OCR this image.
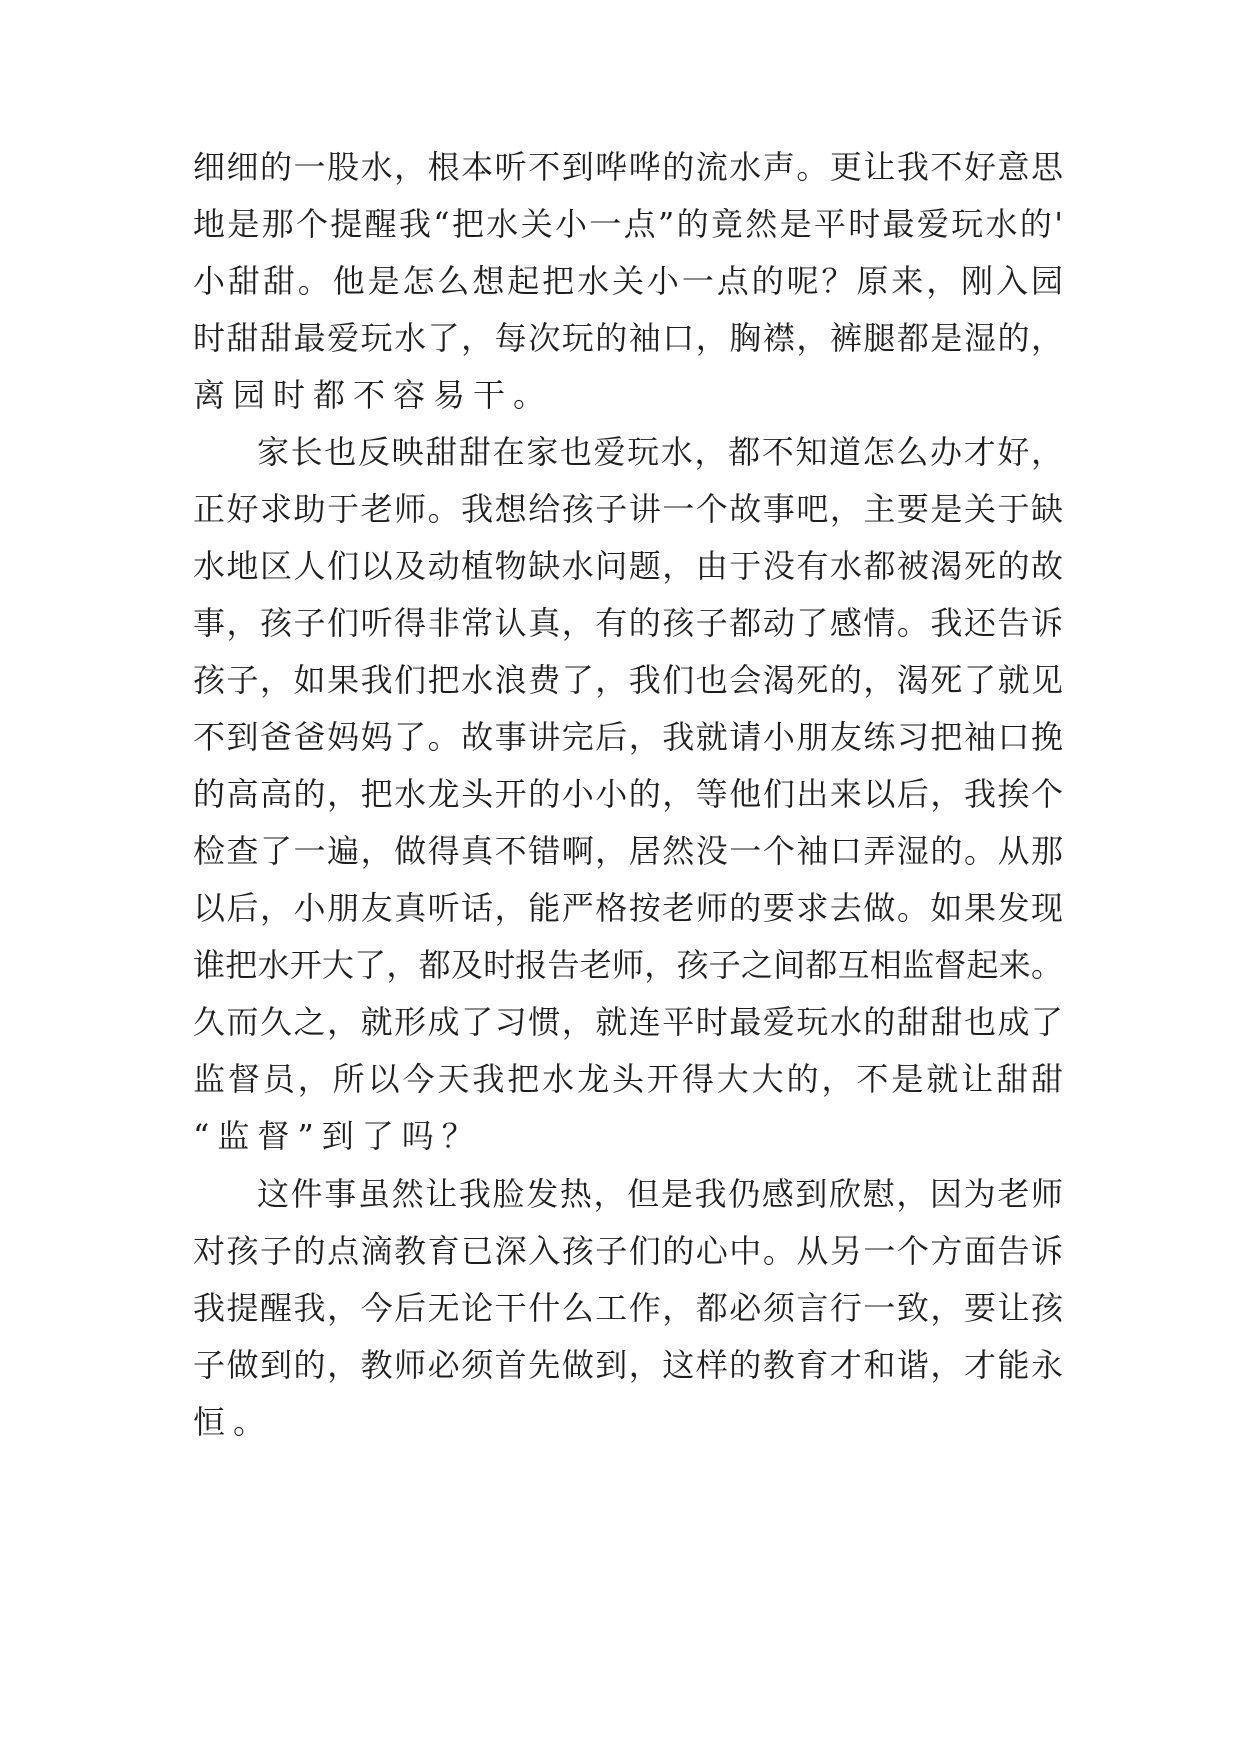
细细的一股水，根本听不到哗哗的流水声。更让我不好意思
地是那个提醒我“把水关小一点”的竟然是平时最爱玩水的'
小甜甜。他是怎么想起把水关小一点的呢？原来，刚入园
时甜甜最爱玩水了，每次玩的袖口，胸襟，裤腿都是湿的，
离园时都不容易干。
家长也反映甜甜在家也爱玩水，都不知道怎么办才好，
正好求助于老师。我想给孩子讲一个故事吧，主要是关于缺
水地区人们以及动植物缺水问题，由于没有水都被渴死的故
事，孩子们听得非常认真，有的孩子都动了感情。我还告诉
孩子，如果我们把水浪费了，我们也会渴死的，渴死了就见
不到爸爸妈妈了。故事讲完后，我就请小朋友练习把袖口挽
的高高的，把水龙头开的小小的，等他们出来以后，我挨个
检查了一遍，做得真不错啊，居然没一个袖口弄湿的。从那
以后，小朋友真听话，能严格按老师的要求去做。如果发现
谁把水开大了，都及时报告老师，孩子之间都互相监督起来。
久而久之，就形成了习惯，就连平时最爱玩水的甜甜也成了
监督员，所以今天我把水龙头开得大大的，不是就让甜甜
“监督”到了吗？
这件事虽然让我脸发热，但是我仍感到欣慰，因为老师
对孩子的点滴教育已深入孩子们的心中。从另一个方面告诉
我提醒我，今后无论干什么工作，都必须言行一致，要让孩
子做到的，教师必须首先做到，这样的教育才和谐，才能永
恒。
